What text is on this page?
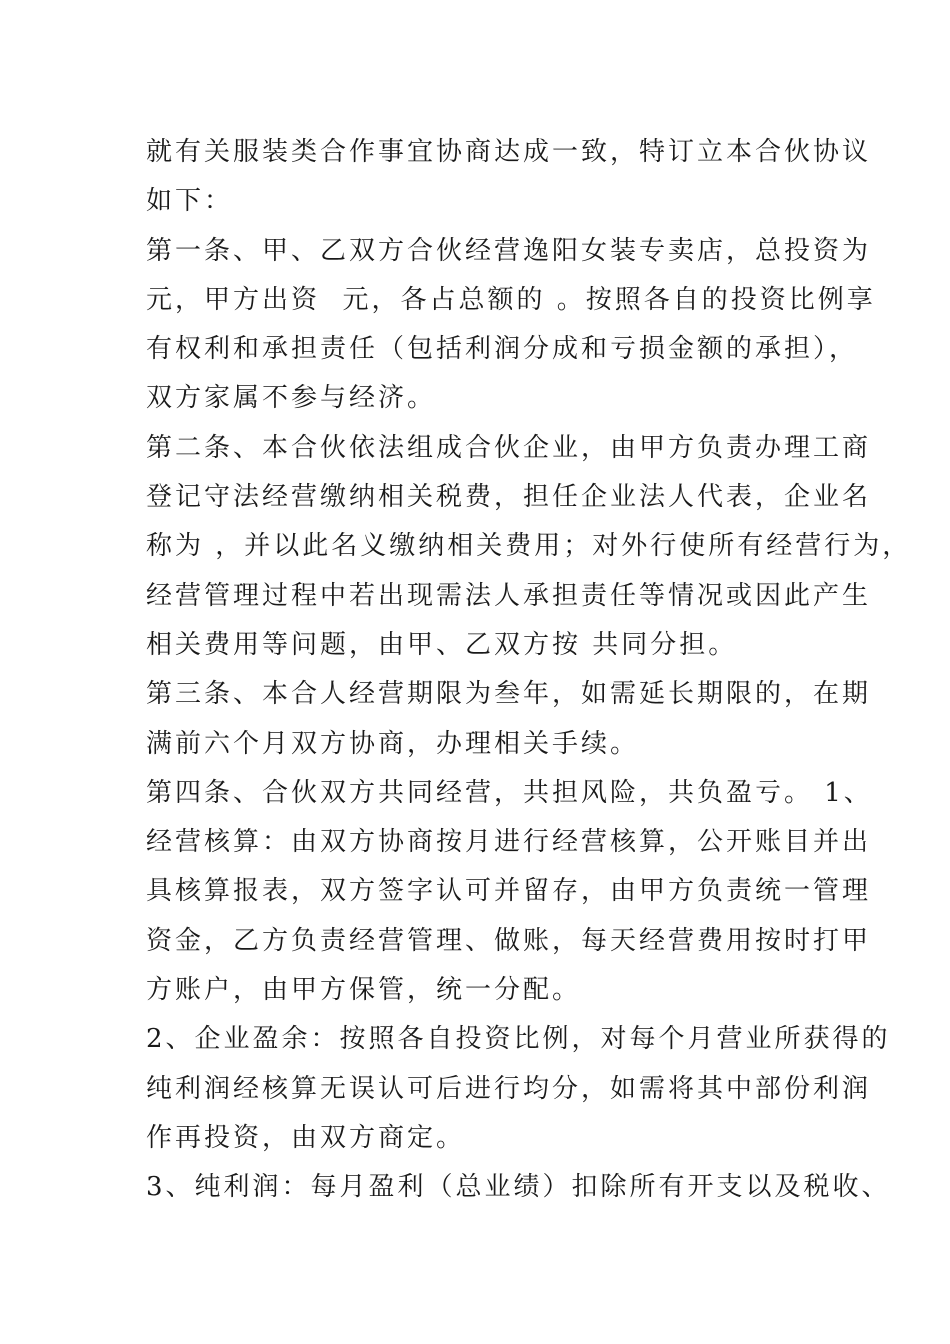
就有关服装类合作事宜协商达成一致，特订立本合伙协议
如下：
第一条、甲、乙双方合伙经营逸阳女装专卖店，总投资为
元，甲方出资  元，各占总额的 。按照各自的投资比例享
有权利和承担责任（包括利润分成和亏损金额的承担），
双方家属不参与经济。
第二条、本合伙依法组成合伙企业，由甲方负责办理工商
登记守法经营缴纳相关税费，担任企业法人代表，企业名
称为 ，并以此名义缴纳相关费用；对外行使所有经营行为，
经营管理过程中若出现需法人承担责任等情况或因此产生
相关费用等问题，由甲、乙双方按 共同分担。
第三条、本合人经营期限为叁年，如需延长期限的，在期
满前六个月双方协商，办理相关手续。
第四条、合伙双方共同经营，共担风险，共负盈亏。 1、
经营核算：由双方协商按月进行经营核算，公开账目并出
具核算报表，双方签字认可并留存，由甲方负责统一管理
资金，乙方负责经营管理、做账，每天经营费用按时打甲
方账户，由甲方保管，统一分配。
2、企业盈余：按照各自投资比例，对每个月营业所获得的
纯利润经核算无误认可后进行均分，如需将其中部份利润
作再投资，由双方商定。
3、纯利润：每月盈利（总业绩）扣除所有开支以及税收、
